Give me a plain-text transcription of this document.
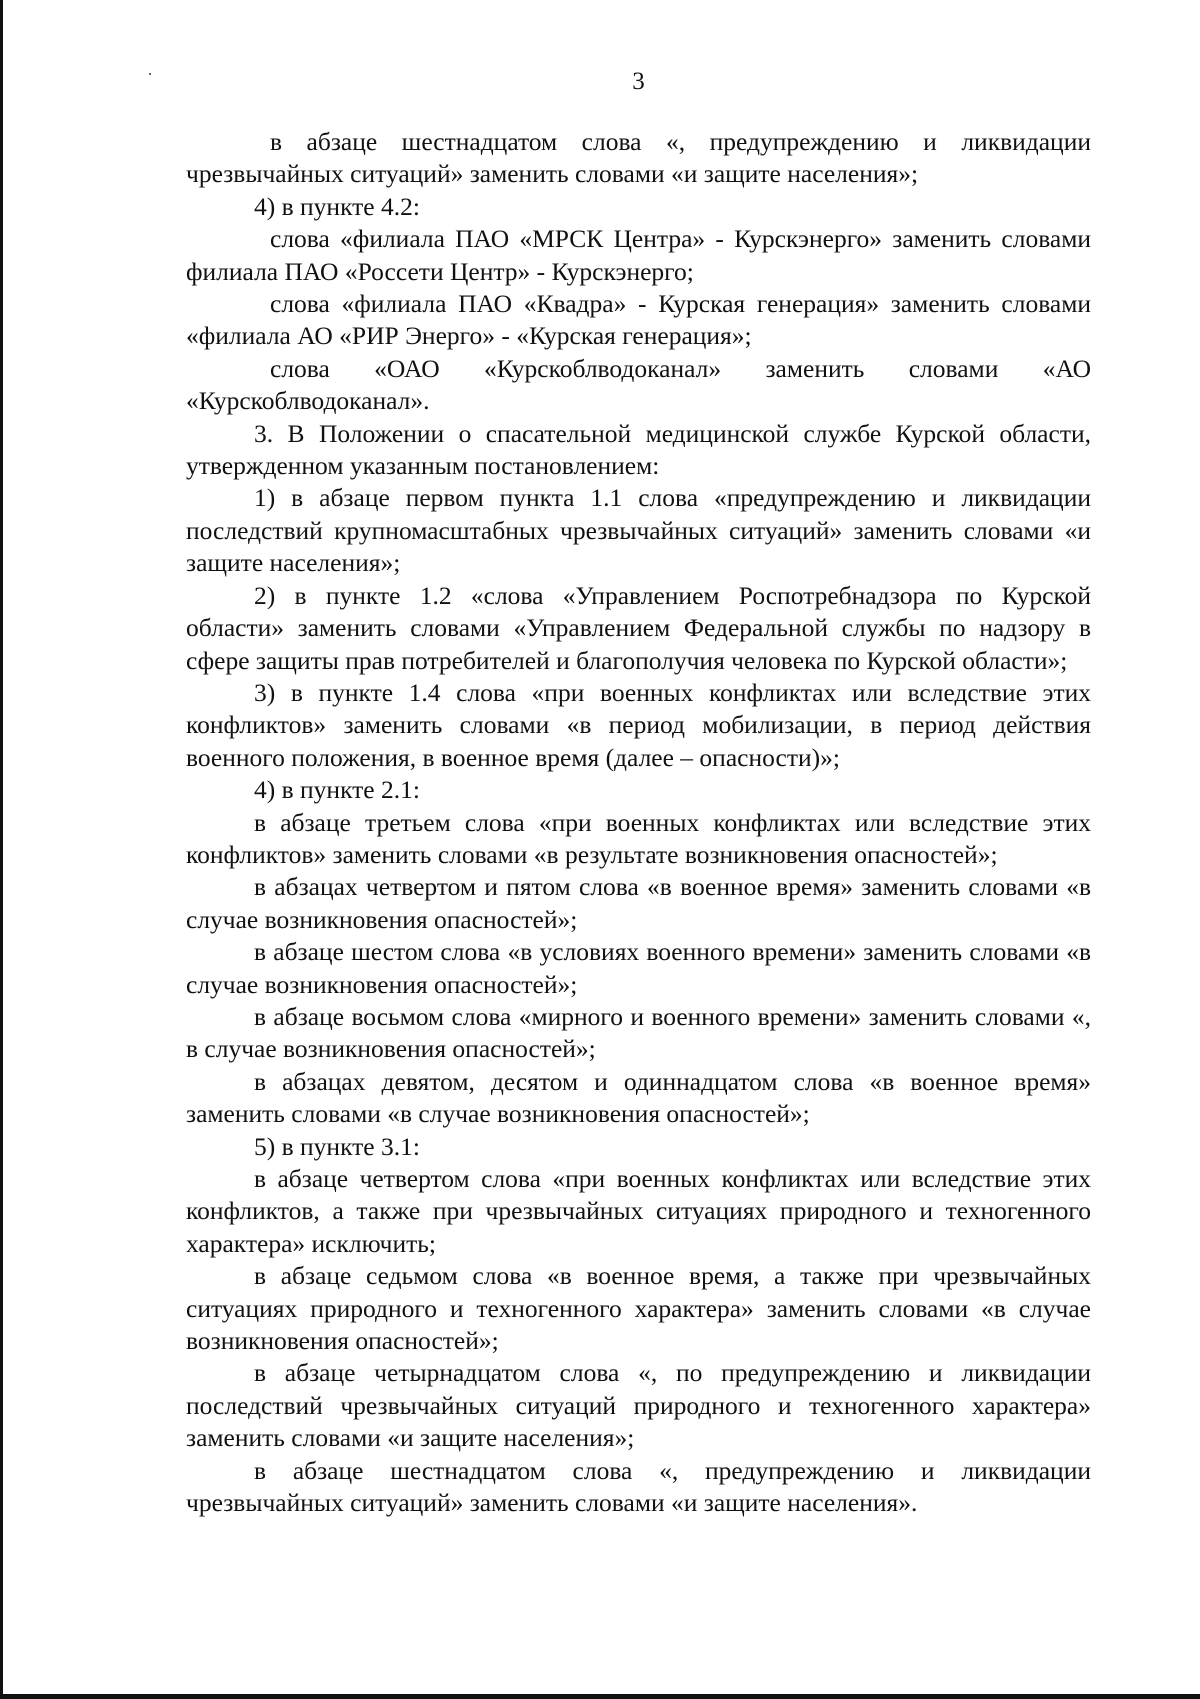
3

в абзаце шестнадцатом слова «, предупреждению и ликвидации чрезвычайных ситуаций» заменить словами «и защите населения»;

4) в пункте 4.2:

слова «филиала ПАО «МРСК Центра» - Курскэнерго» заменить словами филиала ПАО «Россети Центр» - Курскэнерго;

слова «филиала ПАО «Квадра» - Курская генерация» заменить словами «филиала АО «РИР Энерго» - «Курская генерация»;

слова «ОАО «Курскоблводоканал» заменить словами «АО «Курскоблводоканал».

3. В Положении о спасательной медицинской службе Курской области, утвержденном указанным постановлением:

1) в абзаце первом пункта 1.1 слова «предупреждению и ликвидации последствий крупномасштабных чрезвычайных ситуаций» заменить словами «и защите населения»;

2) в пункте 1.2 «слова «Управлением Роспотребнадзора по Курской области» заменить словами «Управлением Федеральной службы по надзору в сфере защиты прав потребителей и благополучия человека по Курской области»;

3) в пункте 1.4 слова «при военных конфликтах или вследствие этих конфликтов» заменить словами «в период мобилизации, в период действия военного положения, в военное время (далее – опасности)»;

4) в пункте 2.1:

в абзаце третьем слова «при военных конфликтах или вследствие этих конфликтов» заменить словами «в результате возникновения опасностей»;

в абзацах четвертом и пятом слова «в военное время» заменить словами «в случае возникновения опасностей»;

в абзаце шестом слова «в условиях военного времени» заменить словами «в случае возникновения опасностей»;

в абзаце восьмом слова «мирного и военного времени» заменить словами «, в случае возникновения опасностей»;

в абзацах девятом, десятом и одиннадцатом слова «в военное время» заменить словами «в случае возникновения опасностей»;

5) в пункте 3.1:

в абзаце четвертом слова «при военных конфликтах или вследствие этих конфликтов, а также при чрезвычайных ситуациях природного и техногенного характера» исключить;

в абзаце седьмом слова «в военное время, а также при чрезвычайных ситуациях природного и техногенного характера» заменить словами «в случае возникновения опасностей»;

в абзаце четырнадцатом слова «, по предупреждению и ликвидации последствий чрезвычайных ситуаций природного и техногенного характера» заменить словами «и защите населения»;

в абзаце шестнадцатом слова «, предупреждению и ликвидации чрезвычайных ситуаций» заменить словами «и защите населения».
